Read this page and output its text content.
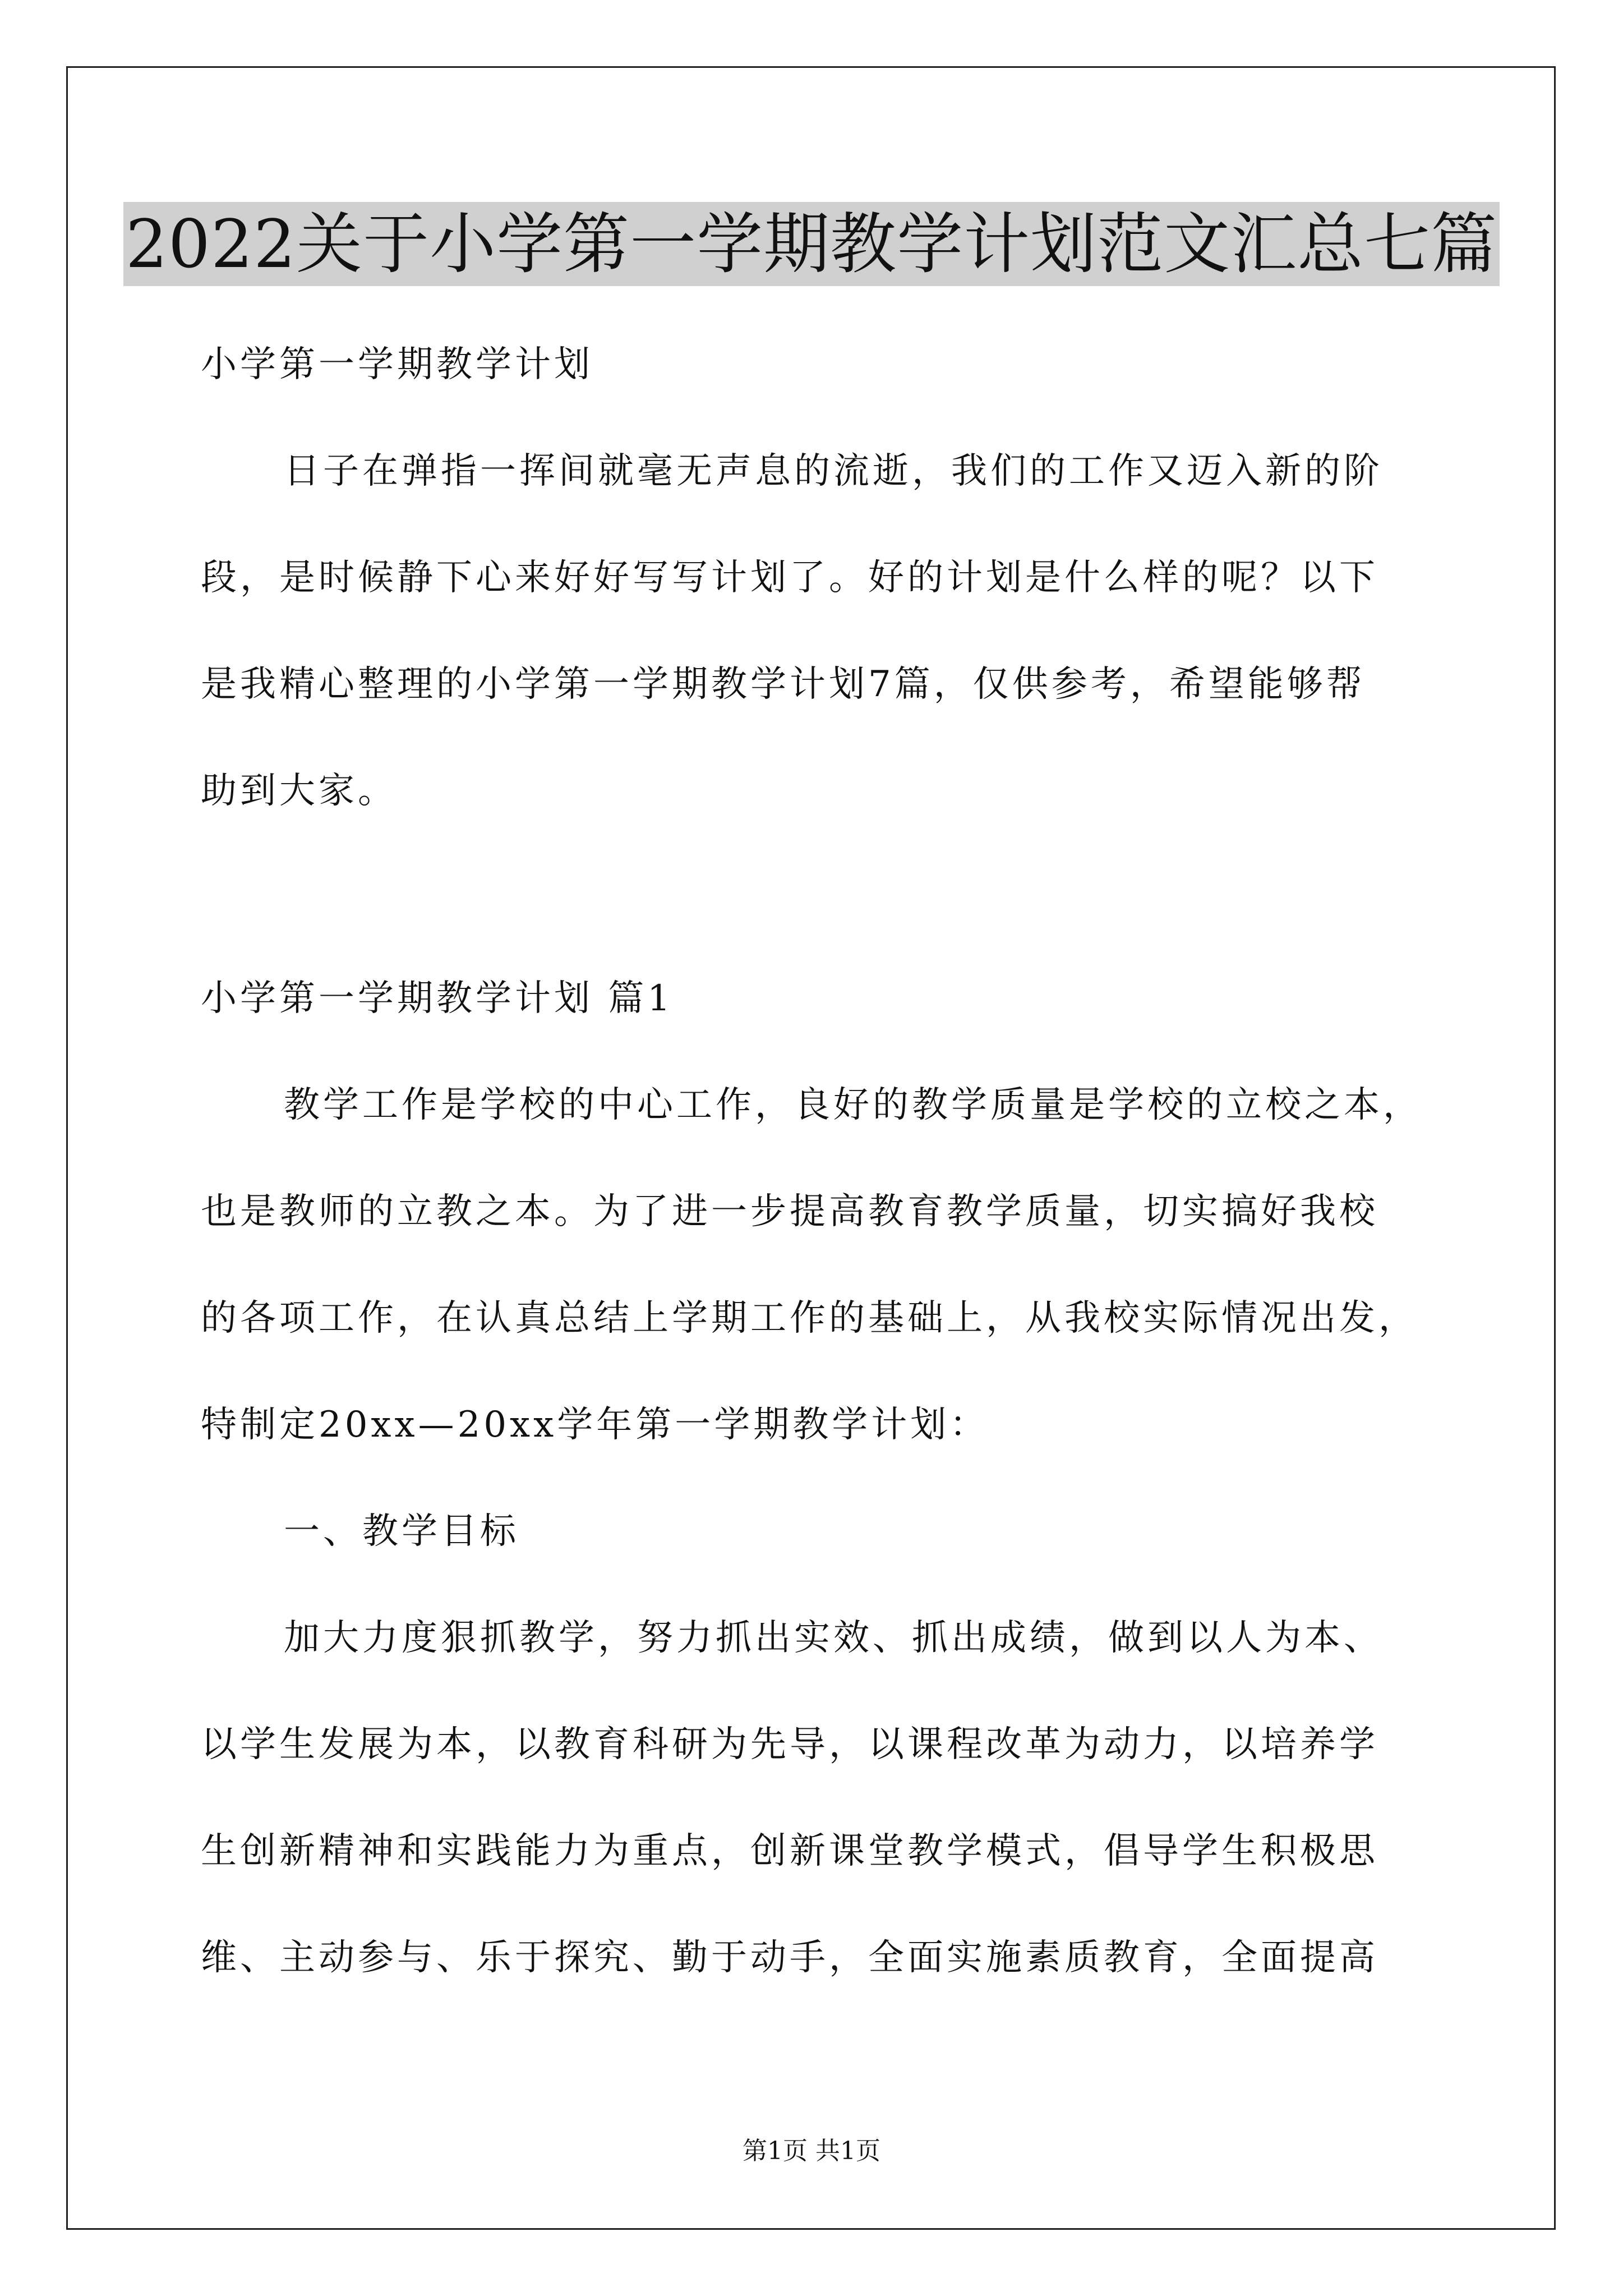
2022关于小学第一学期教学计划范文汇总七篇
小学第一学期教学计划
日子在弹指一挥间就毫无声息的流逝，我们的工作又迈入新的阶
段，是时候静下心来好好写写计划了。好的计划是什么样的呢？以下
是我精心整理的小学第一学期教学计划7篇，仅供参考，希望能够帮
助到大家。
小学第一学期教学计划 篇1
教学工作是学校的中心工作，良好的教学质量是学校的立校之本，
也是教师的立教之本。为了进一步提高教育教学质量，切实搞好我校
的各项工作，在认真总结上学期工作的基础上，从我校实际情况出发，
特制定20xx—20xx学年第一学期教学计划：
一、教学目标
加大力度狠抓教学，努力抓出实效、抓出成绩，做到以人为本、
以学生发展为本，以教育科研为先导，以课程改革为动力，以培养学
生创新精神和实践能力为重点，创新课堂教学模式，倡导学生积极思
维、主动参与、乐于探究、勤于动手，全面实施素质教育，全面提高
第1页 共1页
